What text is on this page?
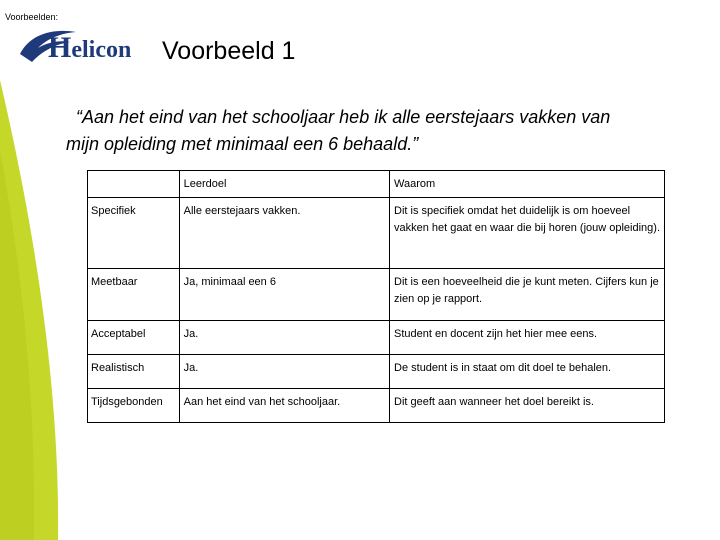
Voorbeelden:
Helicon Voorbeeld 1
“Aan het eind van het schooljaar heb ik alle eerstejaars vakken van
mijn opleiding met minimaal een 6 behaald.”
	Leerdoel	Waarom
Specifiek	Alle eerstejaars vakken.	Dit is specifiek omdat het duidelijk is om hoeveel vakken het gaat en waar die bij horen (jouw opleiding).
Meetbaar	Ja, minimaal een 6	Dit is een hoeveelheid die je kunt meten. Cijfers kun je zien op je rapport.
Acceptabel	Ja.	Student en docent zijn het hier mee eens.
Realistisch	Ja.	De student is in staat om dit doel te behalen.
Tijdsgebonden	Aan het eind van het schooljaar.	Dit geeft aan wanneer het doel bereikt is.
